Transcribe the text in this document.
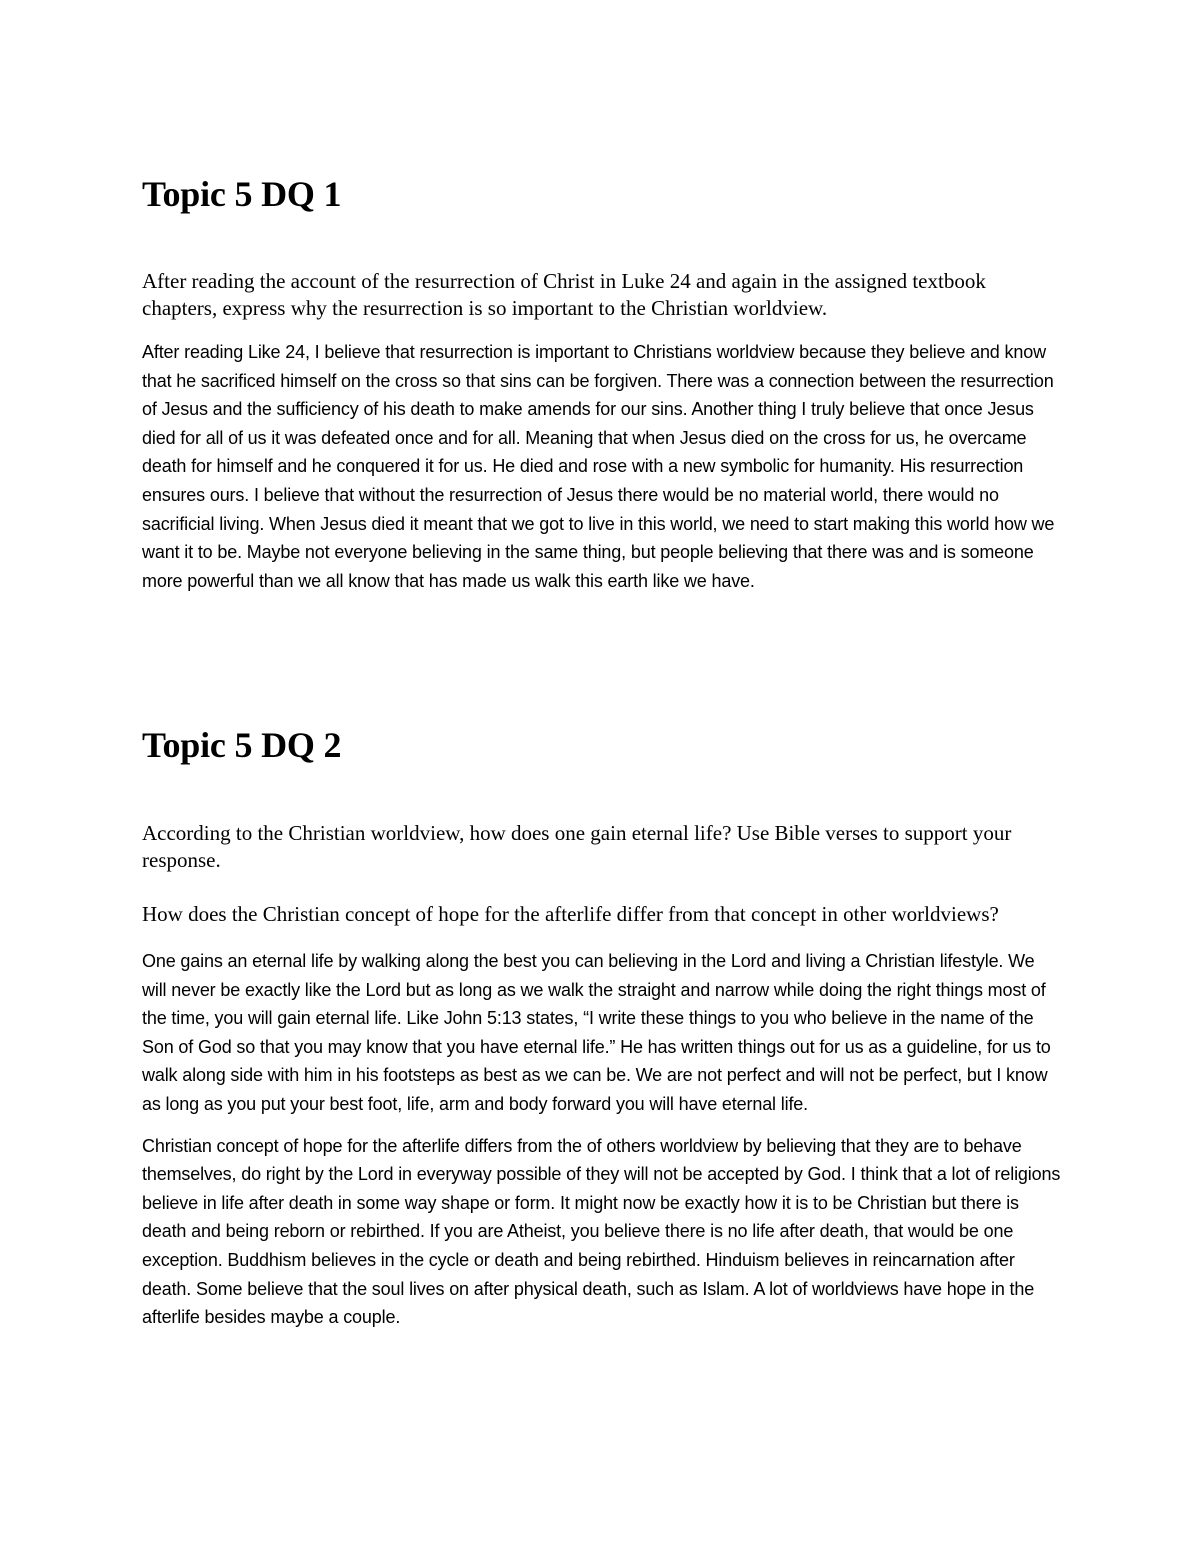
Topic 5 DQ 1

After reading the account of the resurrection of Christ in Luke 24 and again in the assigned textbook chapters, express why the resurrection is so important to the Christian worldview.

After reading Like 24, I believe that resurrection is important to Christians worldview because they believe and know that he sacrificed himself on the cross so that sins can be forgiven. There was a connection between the resurrection of Jesus and the sufficiency of his death to make amends for our sins. Another thing I truly believe that once Jesus died for all of us it was defeated once and for all. Meaning that when Jesus died on the cross for us, he overcame death for himself and he conquered it for us. He died and rose with a new symbolic for humanity. His resurrection ensures ours. I believe that without the resurrection of Jesus there would be no material world, there would no sacrificial living. When Jesus died it meant that we got to live in this world, we need to start making this world how we want it to be. Maybe not everyone believing in the same thing, but people believing that there was and is someone more powerful than we all know that has made us walk this earth like we have.

Topic 5 DQ 2

According to the Christian worldview, how does one gain eternal life? Use Bible verses to support your response.

How does the Christian concept of hope for the afterlife differ from that concept in other worldviews?

One gains an eternal life by walking along the best you can believing in the Lord and living a Christian lifestyle. We will never be exactly like the Lord but as long as we walk the straight and narrow while doing the right things most of the time, you will gain eternal life. Like John 5:13 states, “I write these things to you who believe in the name of the Son of God so that you may know that you have eternal life.” He has written things out for us as a guideline, for us to walk along side with him in his footsteps as best as we can be. We are not perfect and will not be perfect, but I know as long as you put your best foot, life, arm and body forward you will have eternal life.

Christian concept of hope for the afterlife differs from the of others worldview by believing that they are to behave themselves, do right by the Lord in everyway possible of they will not be accepted by God. I think that a lot of religions believe in life after death in some way shape or form. It might now be exactly how it is to be Christian but there is death and being reborn or rebirthed. If you are Atheist, you believe there is no life after death, that would be one exception. Buddhism believes in the cycle or death and being rebirthed. Hinduism believes in reincarnation after death. Some believe that the soul lives on after physical death, such as Islam. A lot of worldviews have hope in the afterlife besides maybe a couple.
